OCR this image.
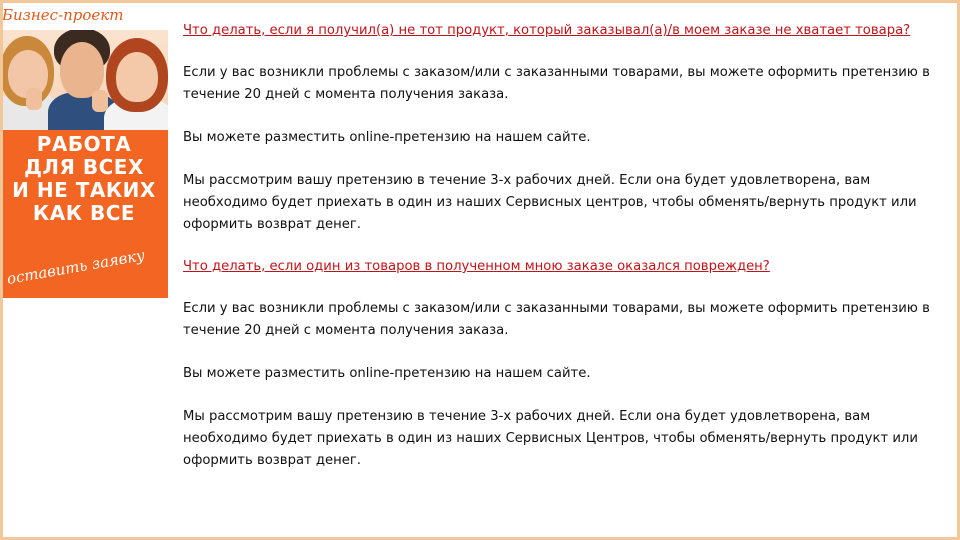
Бизнес-проект
РАБОТА
ДЛЯ ВСЕХ
И НЕ ТАКИХ
КАК ВСЕ
оставить заявку
Что делать, если я получил(а) не тот продукт, который заказывал(а)/в моем заказе не хватает товара?

Если у вас возникли проблемы с заказом/или с заказанными товарами, вы можете оформить претензию в течение 20 дней с момента получения заказа.

Вы можете разместить online-претензию на нашем сайте.

Мы рассмотрим вашу претензию в течение 3-х рабочих дней. Если она будет удовлетворена, вам необходимо будет приехать в один из наших Сервисных центров, чтобы обменять/вернуть продукт или оформить возврат денег.

Что делать, если один из товаров в полученном мною заказе оказался поврежден?

Если у вас возникли проблемы с заказом/или с заказанными товарами, вы можете оформить претензию в течение 20 дней с момента получения заказа.

Вы можете разместить online-претензию на нашем сайте.

Мы рассмотрим вашу претензию в течение 3-х рабочих дней. Если она будет удовлетворена, вам необходимо будет приехать в один из наших Сервисных Центров, чтобы обменять/вернуть продукт или оформить возврат денег.
